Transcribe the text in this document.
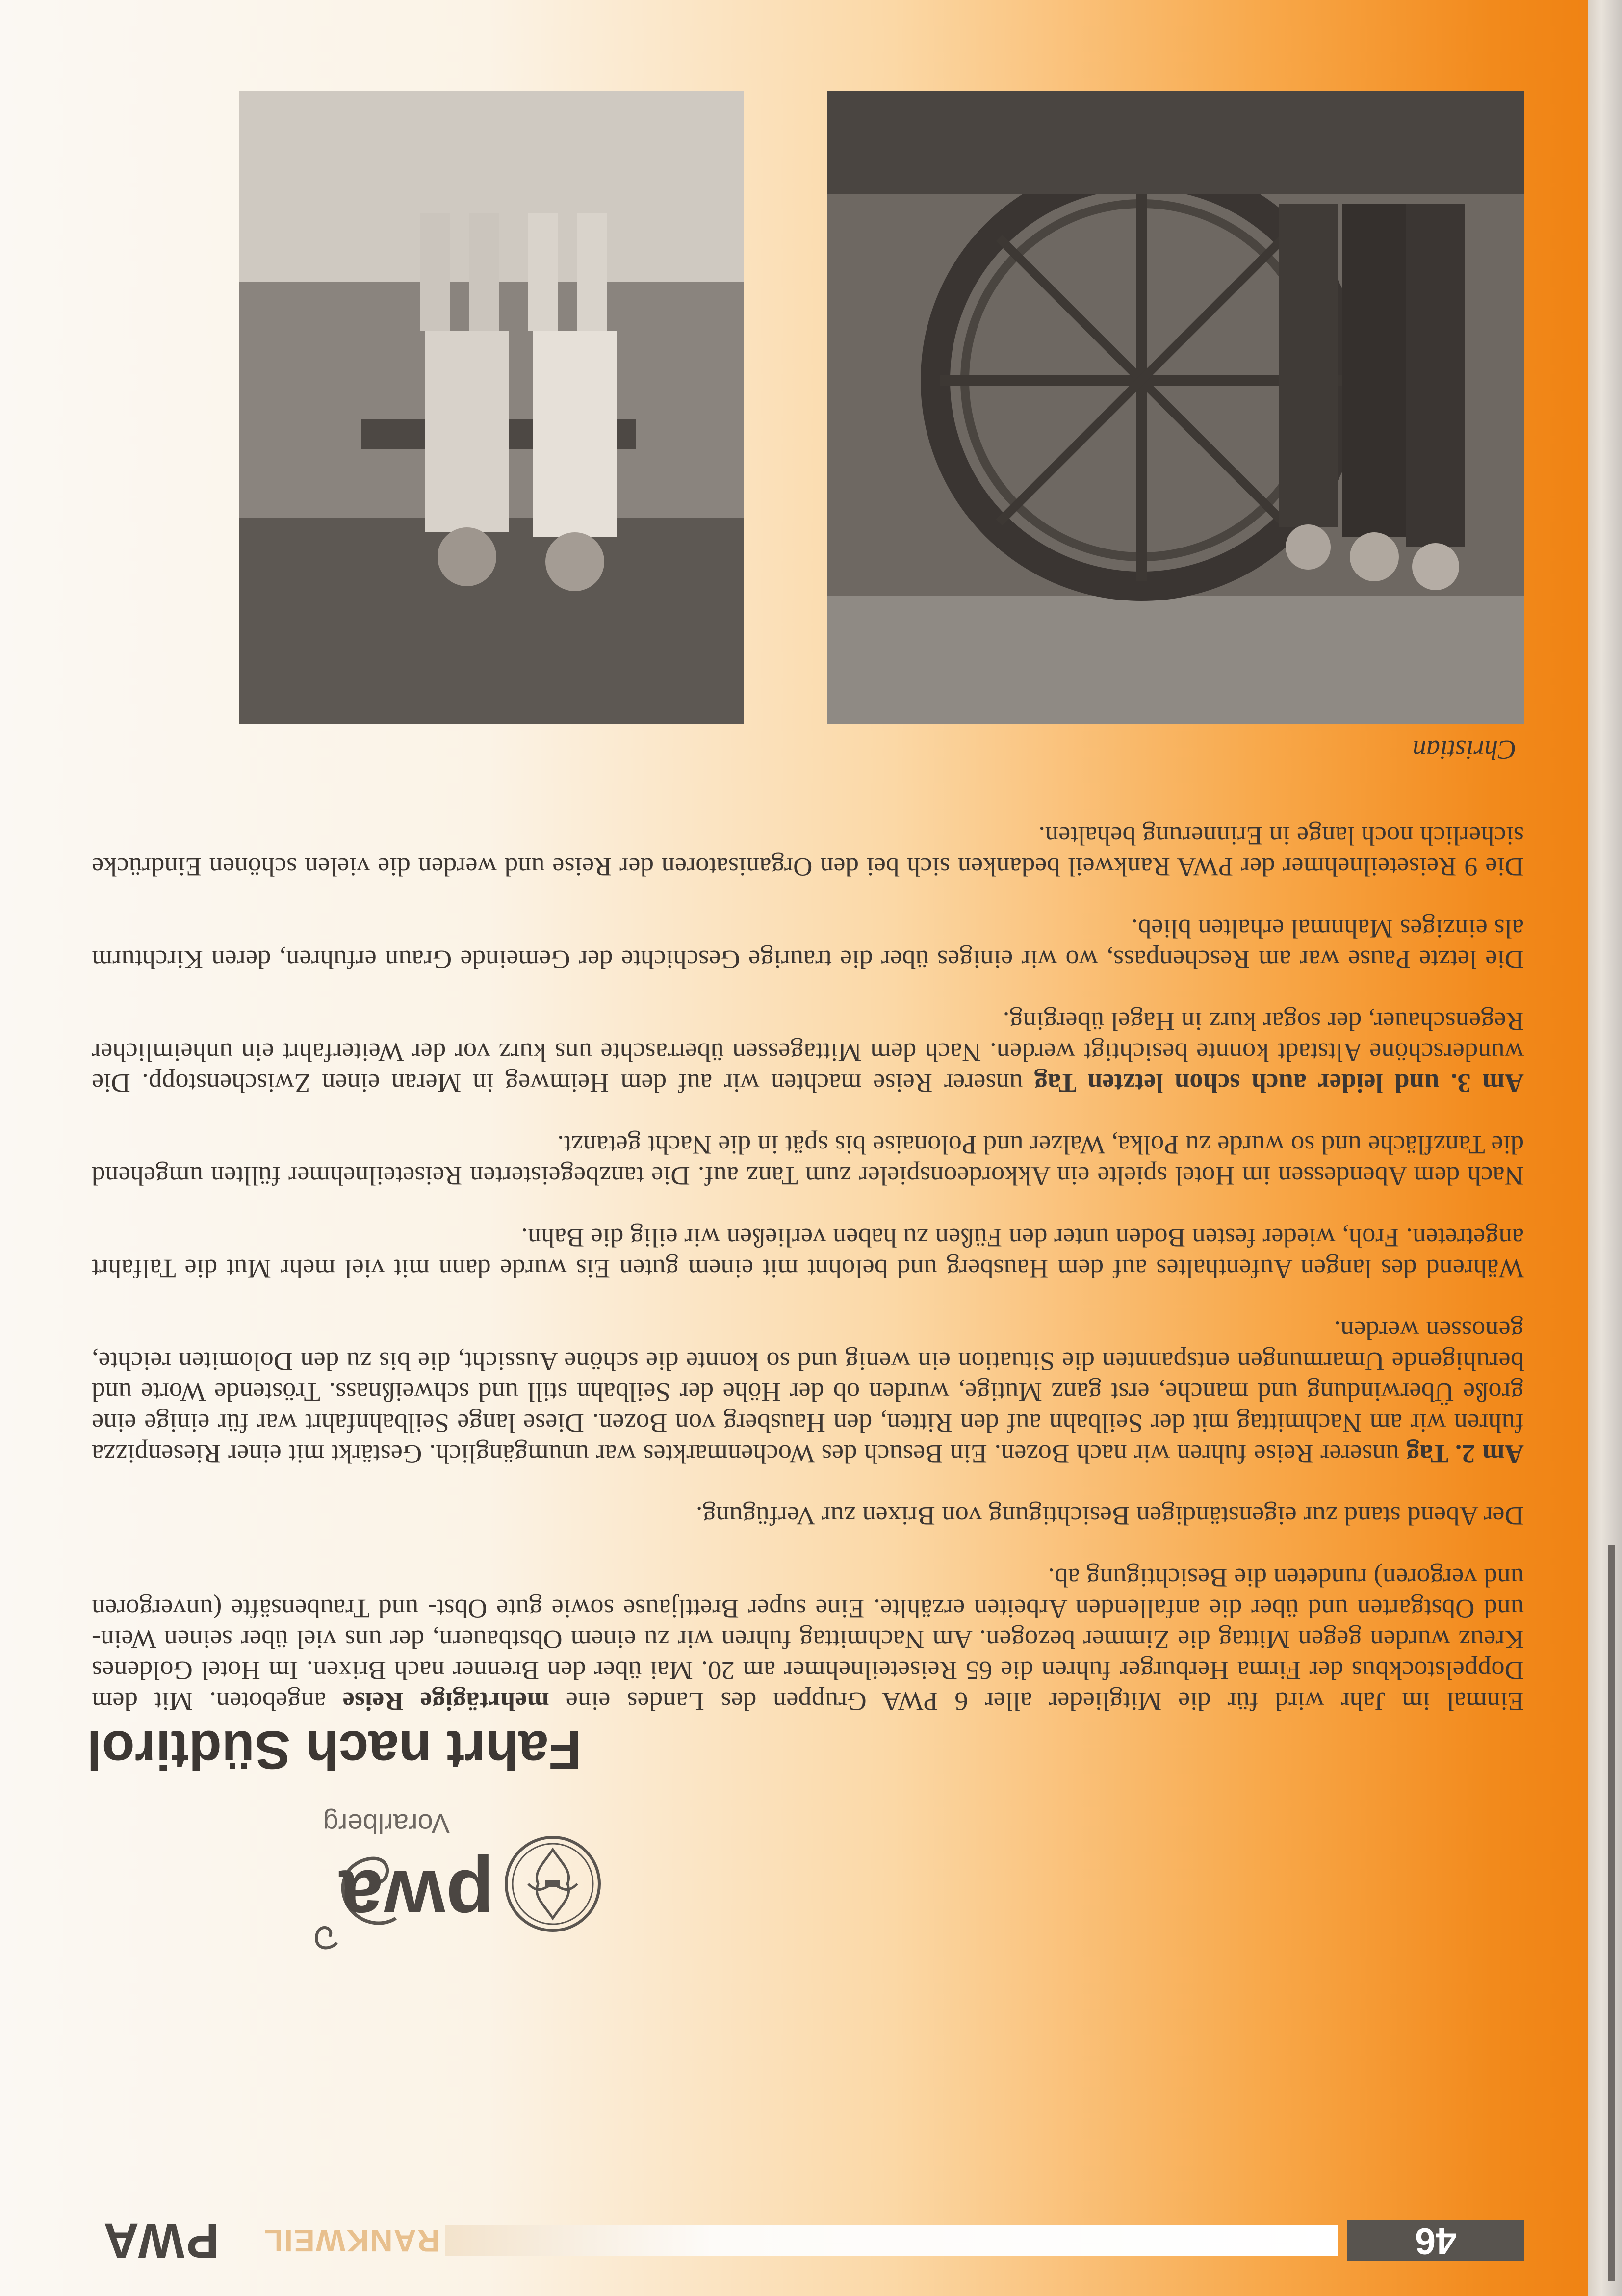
46
RANKWEIL
PWA
pwa
Vorarlberg
Fahrt nach Südtirol

Einmal im Jahr wird für die Mitglieder aller 6 PWA Gruppen des Landes eine mehrtägige Reise angeboten. Mit dem Doppelstockbus der Firma Herburger fuhren die 65 Reiseteilnehmer am 20. Mai über den Brenner nach Brixen. Im Hotel Goldenes Kreuz wurden gegen Mittag die Zimmer bezogen. Am Nachmittag fuhren wir zu einem Obstbauern, der uns viel über seinen Wein- und Obstgarten und über die anfallenden Arbeiten erzählte. Eine super Brettljause sowie gute Obst- und Traubensäfte (unvergoren und vergoren) rundeten die Besichtigung ab.

Der Abend stand zur eigenständigen Besichtigung von Brixen zur Verfügung.

Am 2. Tag unserer Reise fuhren wir nach Bozen. Ein Besuch des Wochenmarktes war unumgänglich. Gestärkt mit einer Riesenpizza fuhren wir am Nachmittag mit der Seilbahn auf den Ritten, den Hausberg von Bozen. Diese lange Seilbahnfahrt war für einige eine große Überwindung und manche, erst ganz Mutige, wurden ob der Höhe der Seilbahn still und schweißnass. Tröstende Worte und beruhigende Umarmungen entspannten die Situation ein wenig und so konnte die schöne Aussicht, die bis zu den Dolomiten reichte, genossen werden.

Während des langen Aufenthaltes auf dem Hausberg und belohnt mit einem guten Eis wurde dann mit viel mehr Mut die Talfahrt angetreten. Froh, wieder festen Boden unter den Füßen zu haben verließen wir eilig die Bahn.

Nach dem Abendessen im Hotel spielte ein Akkordeonspieler zum Tanz auf. Die tanzbegeisterten Reiseteilnehmer füllten umgehend die Tanzfläche und so wurde zu Polka, Walzer und Polonaise bis spät in die Nacht getanzt.

Am 3. und leider auch schon letzten Tag unserer Reise machten wir auf dem Heimweg in Meran einen Zwischenstopp. Die wunderschöne Altstadt konnte besichtigt werden. Nach dem Mittagessen überraschte uns kurz vor der Weiterfahrt ein unheimlicher Regenschauer, der sogar kurz in Hagel überging.

Die letzte Pause war am Reschenpass, wo wir einiges über die traurige Geschichte der Gemeinde Graun erfuhren, deren Kirchturm als einziges Mahnmal erhalten blieb.

Die 9 Reiseteilnehmer der PWA Rankweil bedanken sich bei den Organisatoren der Reise und werden die vielen schönen Eindrücke sicherlich noch lange in Erinnerung behalten.

Christian
